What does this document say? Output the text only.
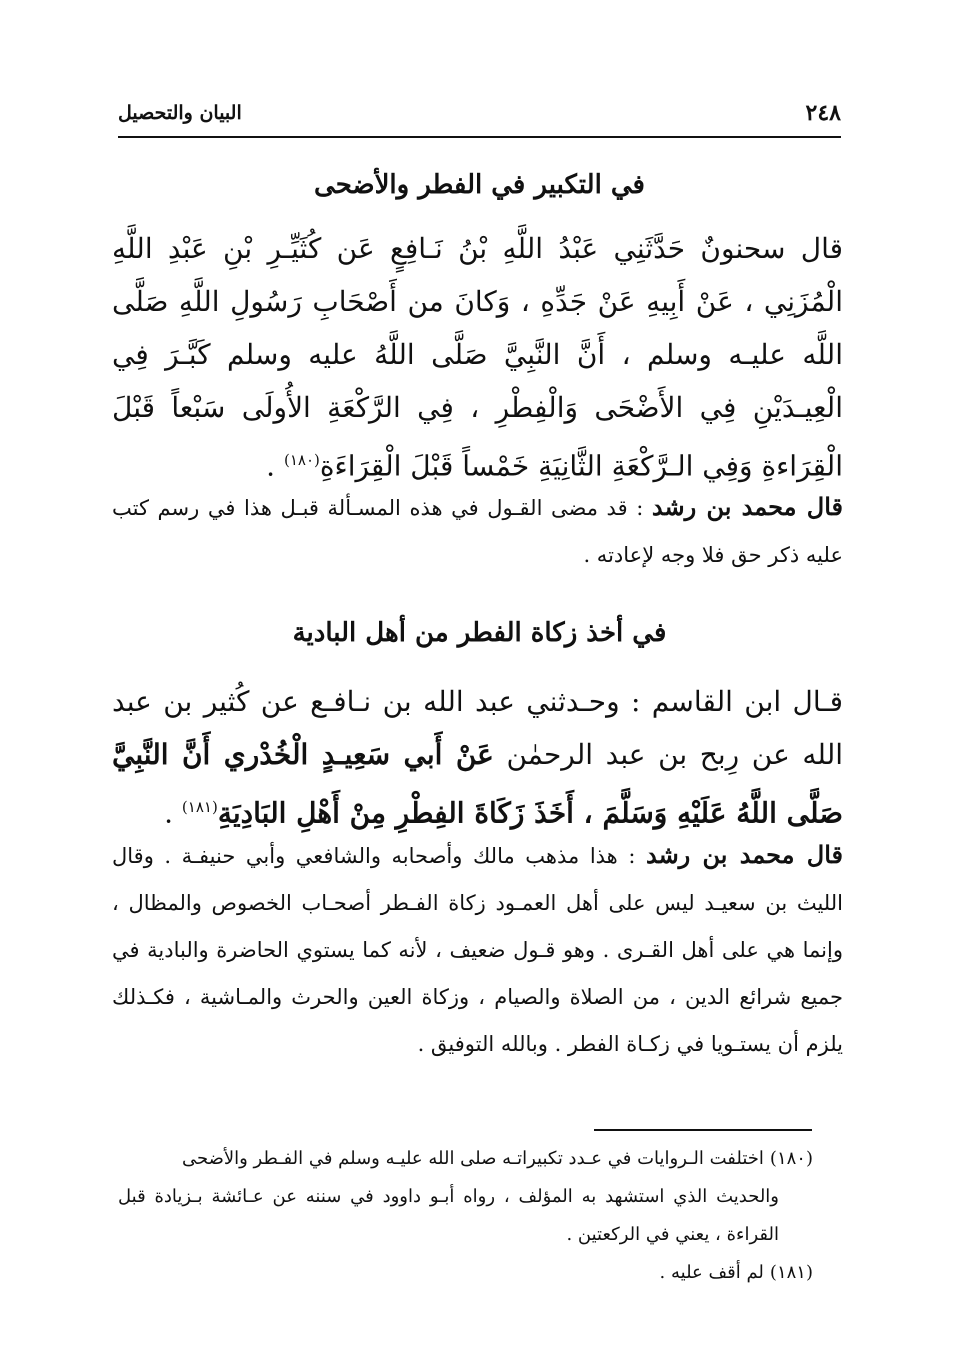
٢٤٨
البيان والتحصيل
في التكبير في الفطر والأضحى

قال سحنونٌ حَدَّثَنِي عَبْدُ اللَّهِ بْنُ نَـافِعٍ عَن كُثَيِّـرِ بْنِ عَبْدِ اللَّهِ الْمُزَنِي ، عَنْ أَبِيهِ عَنْ جَدِّهِ ، وَكانَ من أَصْحَابِ رَسُولِ اللَّهِ صَلَّى اللَّه عليـه وسلم ، أَنَّ النَّبِيَّ صَلَّى اللَّهُ عليه وسلم كَبَّـرَ فِي الْعِيـدَيْنِ فِي الأَضْحَى وَالْفِطْرِ ، فِي الرَّكْعَةِ الأُولَى سَبْعاً قَبْلَ الْقِرَاءةِ وَفِي الـرَّكْعَةِ الثَّانِيَةِ خَمْساً قَبْلَ الْقِرَاءَةِ$^{(١٨٠)}$ .

قال محمد بن رشد : قد مضى القـول في هذه المسـألة قبـل هذا في رسم كتب عليه ذكر حق فلا وجه لإعادته .

في أخذ زكاة الفطر من أهل البادية

قـال ابن القاسم : وحـدثني عبد الله بن نـافـع عن كُثير بن عبد الله عن رِبح بن عبد الرحمٰن عَنْ أَبي سَعِيـدٍ الْخُدْري أَنَّ النَّبِيَّ صَلَّى اللَّهُ عَلَيْهِ وَسَلَّمَ ، أَخَذَ زَكَاةَ الفِطْرِ مِنْ أَهْلِ البَادِيَةِ$^{(١٨١)}$ .

قال محمد بن رشد : هذا مذهب مالك وأصحابه والشافعي وأبي حنيفـة . وقال الليث بن سعيـد ليس على أهل العمـود زكاة الفـطر أصحـاب الخصوص والمظال ، وإنما هي على أهل القـرى . وهو قـول ضعيف ، لأنه كما يستوي الحاضرة والبادية في جميع شرائع الدين ، من الصلاة والصيام ، وزكاة العين والحرث والمـاشية ، فكـذلك يلزم أن يستـويا في زكـاة الفطر . وبالله التوفيق .

(١٨٠)اختلفت الـروايات في عـدد تكبيراتـه صلى الله عليـه وسلم في الفـطر والأضحى

والحديث الذي استشهد به المؤلف ، رواه أبـو داوود في سننه عن عـائشة بـزيادة قبل القراءة ، يعني في الركعتين .

(١٨١)لم أقف عليه .
